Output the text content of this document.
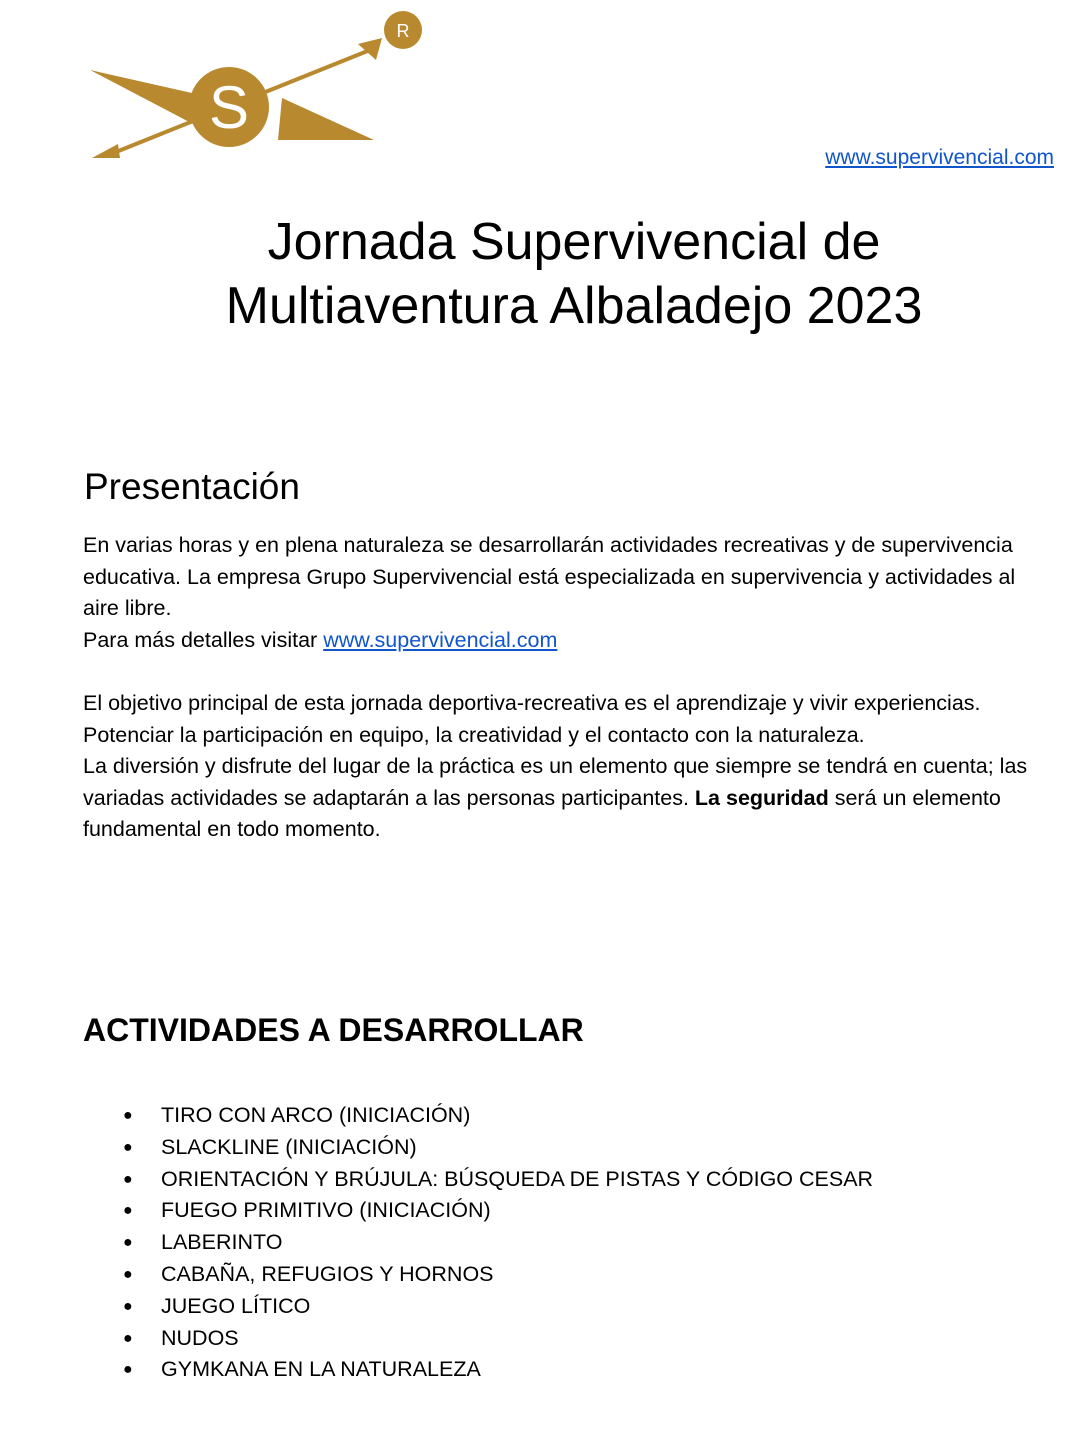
S
R
www.supervivencial.com
Jornada Supervivencial de
Multiaventura Albaladejo 2023
Presentación

En varias horas y en plena naturaleza se desarrollarán actividades recreativas y de supervivencia educativa. La empresa Grupo Supervivencial está especializada en supervivencia y actividades al aire libre.
Para más detalles visitar www.supervivencial.com

El objetivo principal de esta jornada deportiva-recreativa es el aprendizaje y vivir experiencias. Potenciar la participación en equipo, la creatividad y el contacto con la naturaleza.
La diversión y disfrute del lugar de la práctica es un elemento que siempre se tendrá en cuenta; las variadas actividades se adaptarán a las personas participantes. La seguridad será un elemento fundamental en todo momento.

ACTIVIDADES A DESARROLLAR
● TIRO CON ARCO (INICIACIÓN)
● SLACKLINE (INICIACIÓN)
● ORIENTACIÓN Y BRÚJULA: BÚSQUEDA DE PISTAS Y CÓDIGO CESAR
● FUEGO PRIMITIVO (INICIACIÓN)
● LABERINTO
● CABAÑA, REFUGIOS Y HORNOS
● JUEGO LÍTICO
● NUDOS
● GYMKANA EN LA NATURALEZA
